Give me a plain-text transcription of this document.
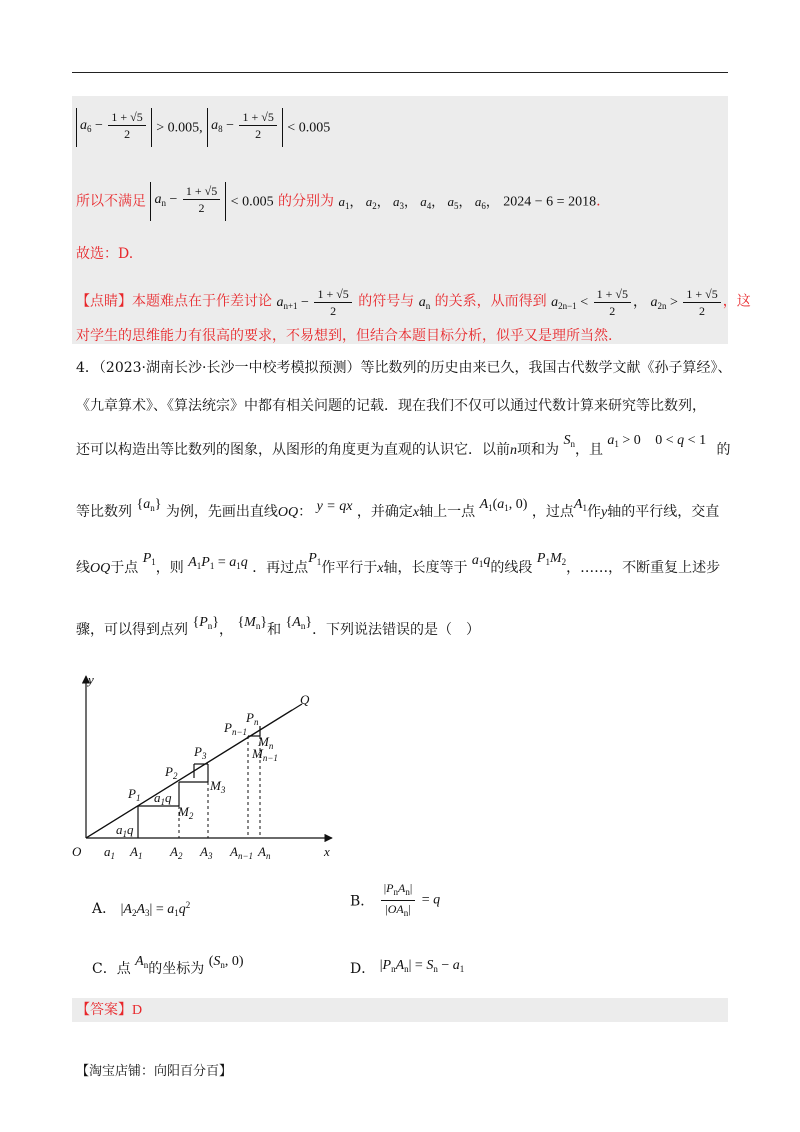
$a_6 - \frac{1 + √5}{2} > 0.005$, $a_8 - \frac{1 + √5}{2} < 0.005$
所以不满足 $a_n - \frac{1 + √5}{2} < 0.005$ 的分别为 $a_1$， $a_2$， $a_3$， $a_4$， $a_5$， $a_6$， 2024 − 6 = 2018.
故选：D.
【点睛】本题难点在于作差讨论 $a_{n+1} - \frac{1 + √5}{2}$ 的符号与 $a_n$ 的关系，从而得到 $a_{2n-1} < \frac{1 + √5}{2}$ ， $a_{2n} > \frac{1 + √5}{2}$ ，这
对学生的思维能力有很高的要求，不易想到，但结合本题目标分析，似乎又是理所当然.
4．（2023·湖南长沙·长沙一中校考模拟预测）等比数列的历史由来已久，我国古代数学文献《孙子算经》、
《九章算术》、《算法统宗》中都有相关问题的记载．现在我们不仅可以通过代数计算来研究等比数列，
还可以构造出等比数列的图象，从图形的角度更为直观的认识它．以前n项和为 $S_n$，且 $a_1 > 0$ 0 < q < 1 的
等比数列 $\{a_n\}$ 为例，先画出直线OQ： y = qx ，并确定x轴上一点 $A_1(a_1$, 0) ，过点$A_1$作y轴的平行线，交直
线OQ于点 $P_1$，则 $A_1P_1 = a_1q$ ．再过点$P_1$作平行于x轴，长度等于 $a_1q$的线段 $P_1M_2$，……，不断重复上述步
骤，可以得到点列 $\{P_n\}$， $\{M_n\}$和 $\{A_n\}$．下列说法错误的是（　）
y
x
O
Q
$a_1$ $A_1$ $A_2$ $A_3$ $A_{n-1}$ $A_n$
$P_1$
$P_2$
$P_3$
$P_{n-1}$
$P_n$
$M_2$
$M_3$
$M_n$
$M_{n-1}$
$a_1q$
$a_1q$
A． $|A_2A_3| = a_1q^2$	B． $\frac{|P_nA_n|}{|OA_n|} = q$
C．点 $A_n$的坐标为 ($S_n$, 0)	D． $|P_nA_n| = S_n - a_1$
【答案】D
【淘宝店铺：向阳百分百】
